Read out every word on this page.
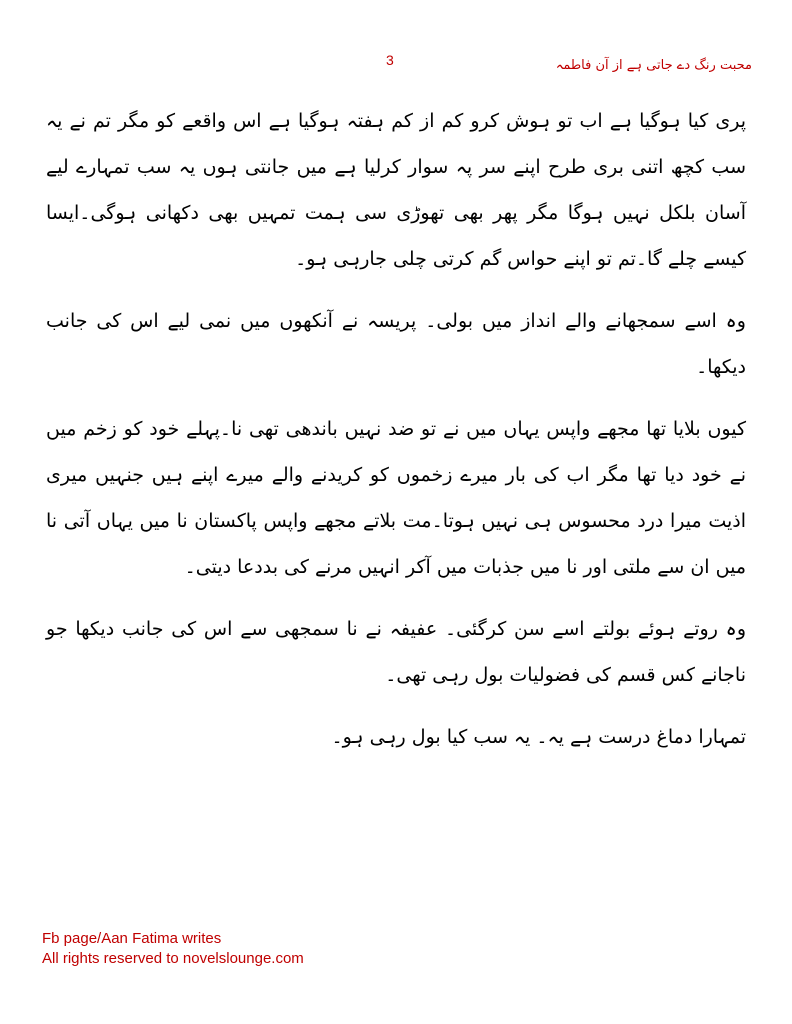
3	محبت رنگ دے جاتی ہے از آن فاطمہ

پری کیا ہوگیا ہے اب تو ہوش کرو کم از کم ہفتہ ہوگیا ہے اس واقعے کو مگر تم نے یہ سب کچھ اتنی بری طرح اپنے سر پہ سوار کرلیا ہے میں جانتی ہوں یہ سب تمہارے لیے آسان بلکل نہیں ہوگا مگر پھر بھی تھوڑی سی ہمت تمہیں بھی دکھانی ہوگی۔ایسا کیسے چلے گا۔تم تو اپنے حواس گم کرتی چلی جارہی ہو۔

وہ اسے سمجھانے والے انداز میں بولی۔ پریسہ نے آنکھوں میں نمی لیے اس کی جانب دیکھا۔

کیوں بلایا تھا مجھے واپس یہاں میں نے تو ضد نہیں باندھی تھی نا۔پہلے خود کو زخم میں نے خود دیا تھا مگر اب کی بار میرے زخموں کو کریدنے والے میرے اپنے ہیں جنہیں میری اذیت میرا درد محسوس ہی نہیں ہوتا۔مت بلاتے مجھے واپس پاکستان نا میں یہاں آتی نا میں ان سے ملتی اور نا میں جذبات میں آکر انہیں مرنے کی بددعا دیتی۔

وہ روتے ہوئے بولتے اسے سن کرگئی۔ عفیفہ نے نا سمجھی سے اس کی جانب دیکھا جو ناجانے کس قسم کی فضولیات بول رہی تھی۔

تمہارا دماغ درست ہے یہ۔ یہ سب کیا بول رہی ہو۔

Fb page/Aan Fatima writes
All rights reserved to novelslounge.com
